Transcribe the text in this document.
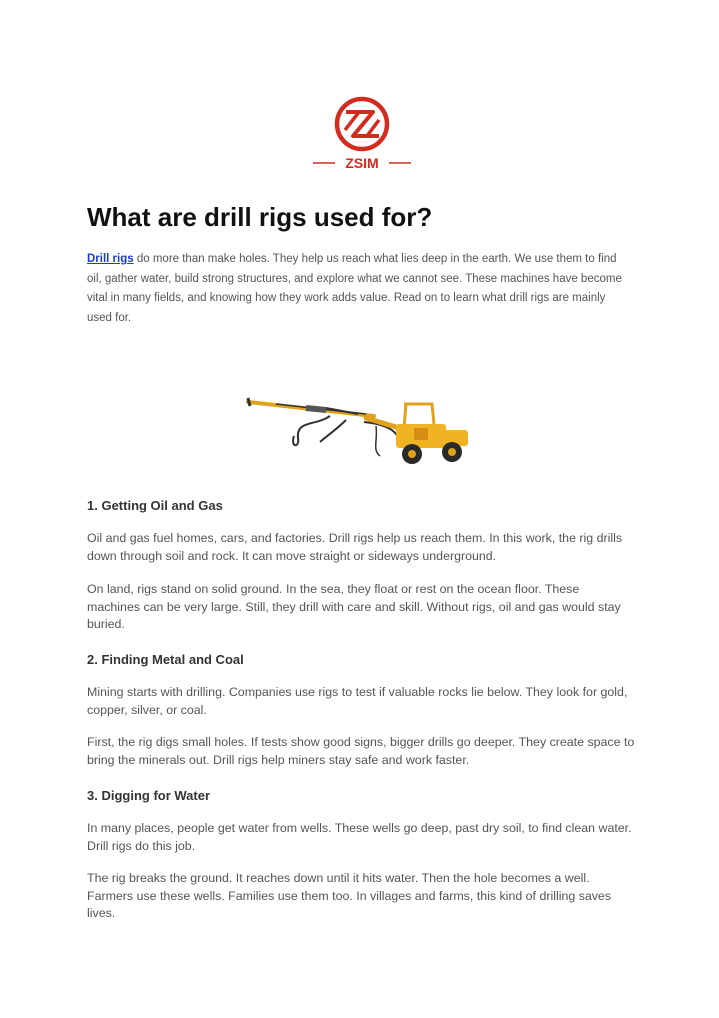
ZSIM
What are drill rigs used for?

Drill rigs do more than make holes. They help us reach what lies deep in the earth. We use them to find oil, gather water, build strong structures, and explore what we cannot see. These machines have become vital in many fields, and knowing how they work adds value. Read on to learn what drill rigs are mainly used for.

1. Getting Oil and Gas

Oil and gas fuel homes, cars, and factories. Drill rigs help us reach them. In this work, the rig drills down through soil and rock. It can move straight or sideways underground.

On land, rigs stand on solid ground. In the sea, they float or rest on the ocean floor. These machines can be very large. Still, they drill with care and skill. Without rigs, oil and gas would stay buried.

2. Finding Metal and Coal

Mining starts with drilling. Companies use rigs to test if valuable rocks lie below. They look for gold, copper, silver, or coal.

First, the rig digs small holes. If tests show good signs, bigger drills go deeper. They create space to bring the minerals out. Drill rigs help miners stay safe and work faster.

3. Digging for Water

In many places, people get water from wells. These wells go deep, past dry soil, to find clean water. Drill rigs do this job.

The rig breaks the ground. It reaches down until it hits water. Then the hole becomes a well. Farmers use these wells. Families use them too. In villages and farms, this kind of drilling saves lives.
